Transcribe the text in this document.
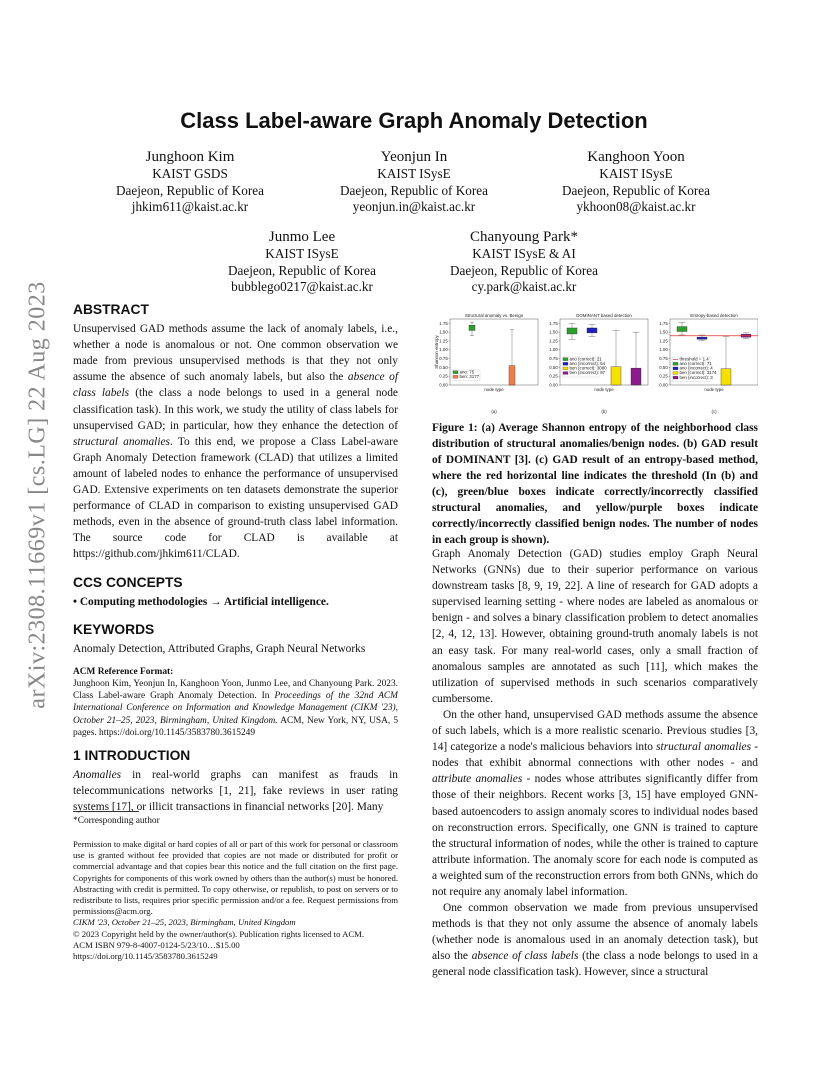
arXiv:2308.11669v1 [cs.LG] 22 Aug 2023
Class Label-aware Graph Anomaly Detection
Junghoon Kim
KAIST GSDS
Daejeon, Republic of Korea
jhkim611@kaist.ac.kr
Yeonjun In
KAIST ISysE
Daejeon, Republic of Korea
yeonjun.in@kaist.ac.kr
Kanghoon Yoon
KAIST ISysE
Daejeon, Republic of Korea
ykhoon08@kaist.ac.kr
Junmo Lee
KAIST ISysE
Daejeon, Republic of Korea
bubblego0217@kaist.ac.kr
Chanyoung Park*
KAIST ISysE & AI
Daejeon, Republic of Korea
cy.park@kaist.ac.kr
ABSTRACT

Unsupervised GAD methods assume the lack of anomaly labels, i.e., whether a node is anomalous or not. One common observation we made from previous unsupervised methods is that they not only assume the absence of such anomaly labels, but also the absence of class labels (the class a node belongs to used in a general node classification task). In this work, we study the utility of class labels for unsupervised GAD; in particular, how they enhance the detection of structural anomalies. To this end, we propose a Class Label-aware Graph Anomaly Detection framework (CLAD) that utilizes a limited amount of labeled nodes to enhance the performance of unsupervised GAD. Extensive experiments on ten datasets demonstrate the superior performance of CLAD in comparison to existing unsupervised GAD methods, even in the absence of ground-truth class label information. The source code for CLAD is available at https://github.com/jhkim611/CLAD.

CCS CONCEPTS

• Computing methodologies → Artificial intelligence.

KEYWORDS

Anomaly Detection, Attributed Graphs, Graph Neural Networks

ACM Reference Format:
Junghoon Kim, Yeonjun In, Kanghoon Yoon, Junmo Lee, and Chanyoung Park. 2023. Class Label-aware Graph Anomaly Detection. In Proceedings of the 32nd ACM International Conference on Information and Knowledge Management (CIKM '23), October 21–25, 2023, Birmingham, United Kingdom. ACM, New York, NY, USA, 5 pages. https://doi.org/10.1145/3583780.3615249
1 INTRODUCTION

Anomalies in real-world graphs can manifest as frauds in telecommunications networks [1, 21], fake reviews in user rating systems [17], or illicit transactions in financial networks [20]. Many

*Corresponding author
Permission to make digital or hard copies of all or part of this work for personal or classroom use is granted without fee provided that copies are not made or distributed for profit or commercial advantage and that copies bear this notice and the full citation on the first page. Copyrights for components of this work owned by others than the author(s) must be honored. Abstracting with credit is permitted. To copy otherwise, or republish, to post on servers or to redistribute to lists, requires prior specific permission and/or a fee. Request permissions from permissions@acm.org.
CIKM '23, October 21–25, 2023, Birmingham, United Kingdom
© 2023 Copyright held by the owner/author(s). Publication rights licensed to ACM.
ACM ISBN 979-8-4007-0124-5/23/10…$15.00
https://doi.org/10.1145/3583780.3615249
Structural anomaly vs. Benign
1.75
1.50
1.25
1.00
0.75
0.50
0.25
0.00
Shannon entropy
node type
(a)
ano: 75
ben: 3177
DOMINANT based detection
1.75
1.50
1.25
1.00
0.75
0.50
0.25
0.00
node type
(b)
ano (correct): 21
ano (incorrect): 54
ben (correct): 3080
ben (incorrect): 97
Entropy-based detection
1.75
1.50
1.25
1.00
0.75
0.50
0.25
0.00
node type
(c)
threshold = 1.4
ano (correct): 71
ano (incorrect): 4
ben (correct): 3174
ben (incorrect): 3
Figure 1: (a) Average Shannon entropy of the neighborhood class distribution of structural anomalies/benign nodes. (b) GAD result of DOMINANT [3]. (c) GAD result of an entropy-based method, where the red horizontal line indicates the threshold (In (b) and (c), green/blue boxes indicate correctly/incorrectly classified structural anomalies, and yellow/purple boxes indicate correctly/incorrectly classified benign nodes. The number of nodes in each group is shown).

Graph Anomaly Detection (GAD) studies employ Graph Neural Networks (GNNs) due to their superior performance on various downstream tasks [8, 9, 19, 22]. A line of research for GAD adopts a supervised learning setting - where nodes are labeled as anomalous or benign - and solves a binary classification problem to detect anomalies [2, 4, 12, 13]. However, obtaining ground-truth anomaly labels is not an easy task. For many real-world cases, only a small fraction of anomalous samples are annotated as such [11], which makes the utilization of supervised methods in such scenarios comparatively cumbersome.

On the other hand, unsupervised GAD methods assume the absence of such labels, which is a more realistic scenario. Previous studies [3, 14] categorize a node's malicious behaviors into structural anomalies - nodes that exhibit abnormal connections with other nodes - and attribute anomalies - nodes whose attributes significantly differ from those of their neighbors. Recent works [3, 15] have employed GNN-based autoencoders to assign anomaly scores to individual nodes based on reconstruction errors. Specifically, one GNN is trained to capture the structural information of nodes, while the other is trained to capture attribute information. The anomaly score for each node is computed as a weighted sum of the reconstruction errors from both GNNs, which do not require any anomaly label information.

One common observation we made from previous unsupervised methods is that they not only assume the absence of anomaly labels (whether node is anomalous used in an anomaly detection task), but also the absence of class labels (the class a node belongs to used in a general node classification task). However, since a structural
